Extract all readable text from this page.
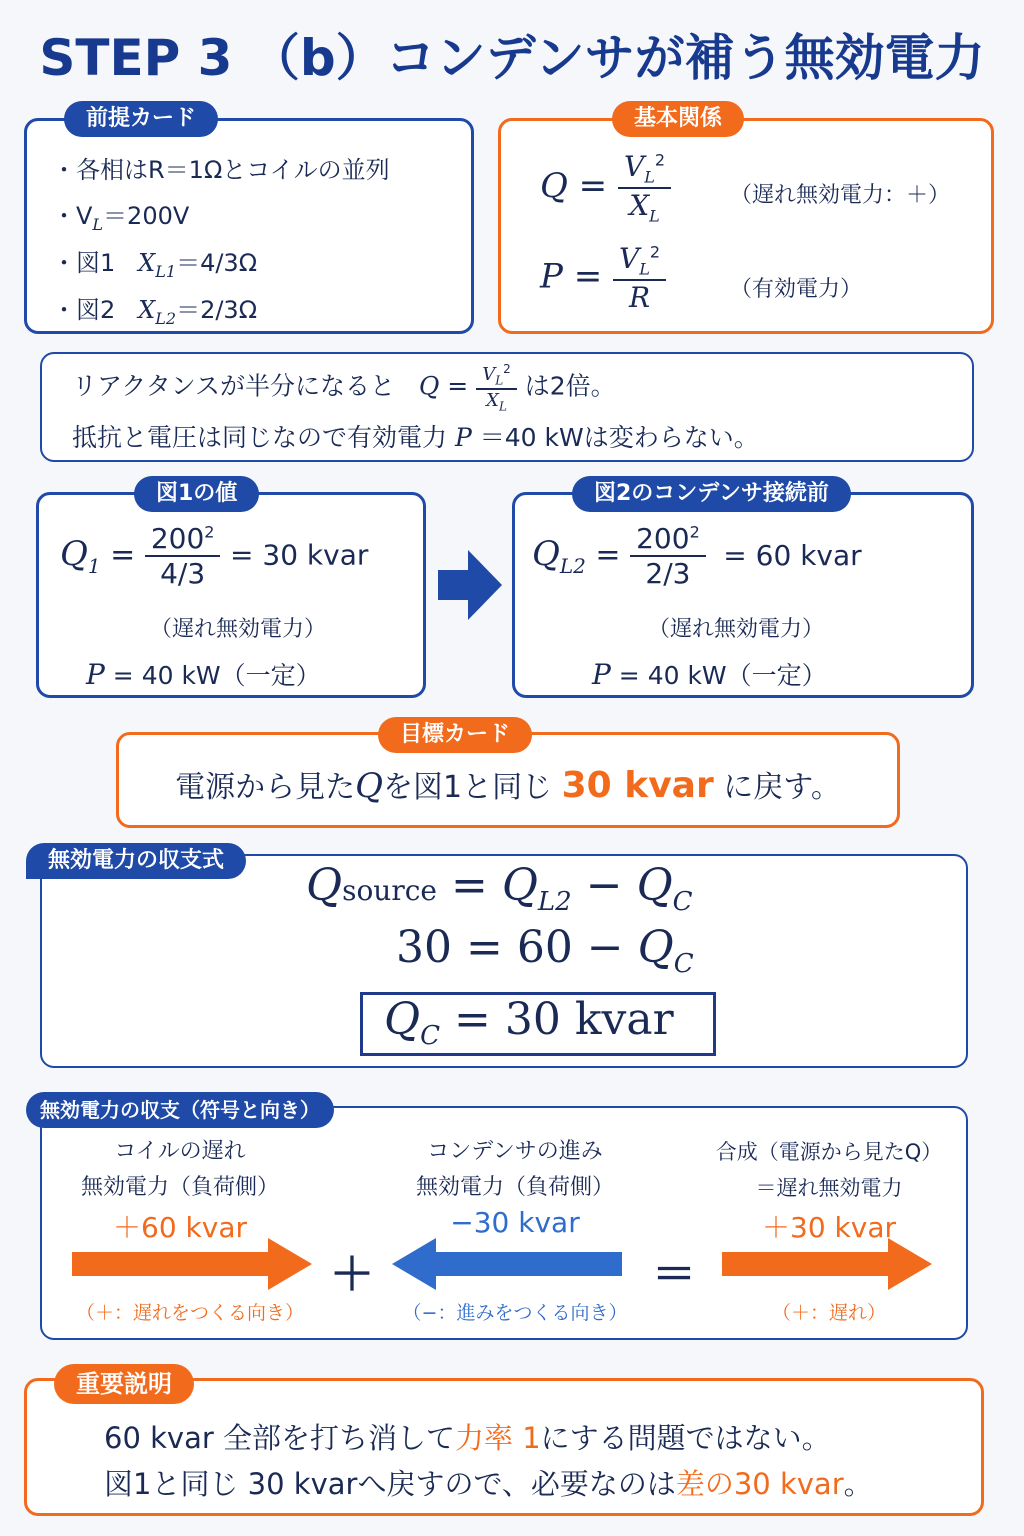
STEP 3 （b）コンデンサが補う無効電力
前提カード
・各相はR＝1Ωとコイルの並列
・$V_L=200V$
・図1 $X_{L1}=4/3\Omega$
・図2 $X_{L2}=2/3\Omega$
基本関係
$Q = \frac{V_L^2}{X_L}$	（遅れ無効電力：＋）
$P = \frac{V_L^2}{R}$	（有効電力）
リアクタンスが半分になると $Q = \frac{V_L^2}{X_L}$ は2倍。
抵抗と電圧は同じなので有効電力 P ＝40 kWは変わらない。
図1の値
$Q_1 = \frac{200^2}{4/3} = 30$ kvar
（遅れ無効電力）
P = 40 kW（一定）
図2のコンデンサ接続前
$Q_{L2} = \frac{200^2}{2/3} = 60$ kvar
（遅れ無効電力）
P = 40 kW（一定）
目標カード
電源から見たQを図1と同じ 30 kvar に戻す。
無効電力の収支式	Qsource = $Q_{L2} - Q_C$
$30 = 60 - Q_C$
$Q_C = 30$ kvar
無効電力の収支（符号と向き）
コイルの遅れ
無効電力（負荷側）
＋60 kvar
（＋：遅れをつくる向き）
＋
コンデンサの進み
無効電力（負荷側）
−30 kvar
（−：進みをつくる向き）
＝
合成（電源から見たQ）
＝遅れ無効電力
＋30 kvar
（＋：遅れ）
重要説明
60 kvar 全部を打ち消して力率 1にする問題ではない。
図1と同じ 30 kvarへ戻すので、必要なのは差の30 kvar。
